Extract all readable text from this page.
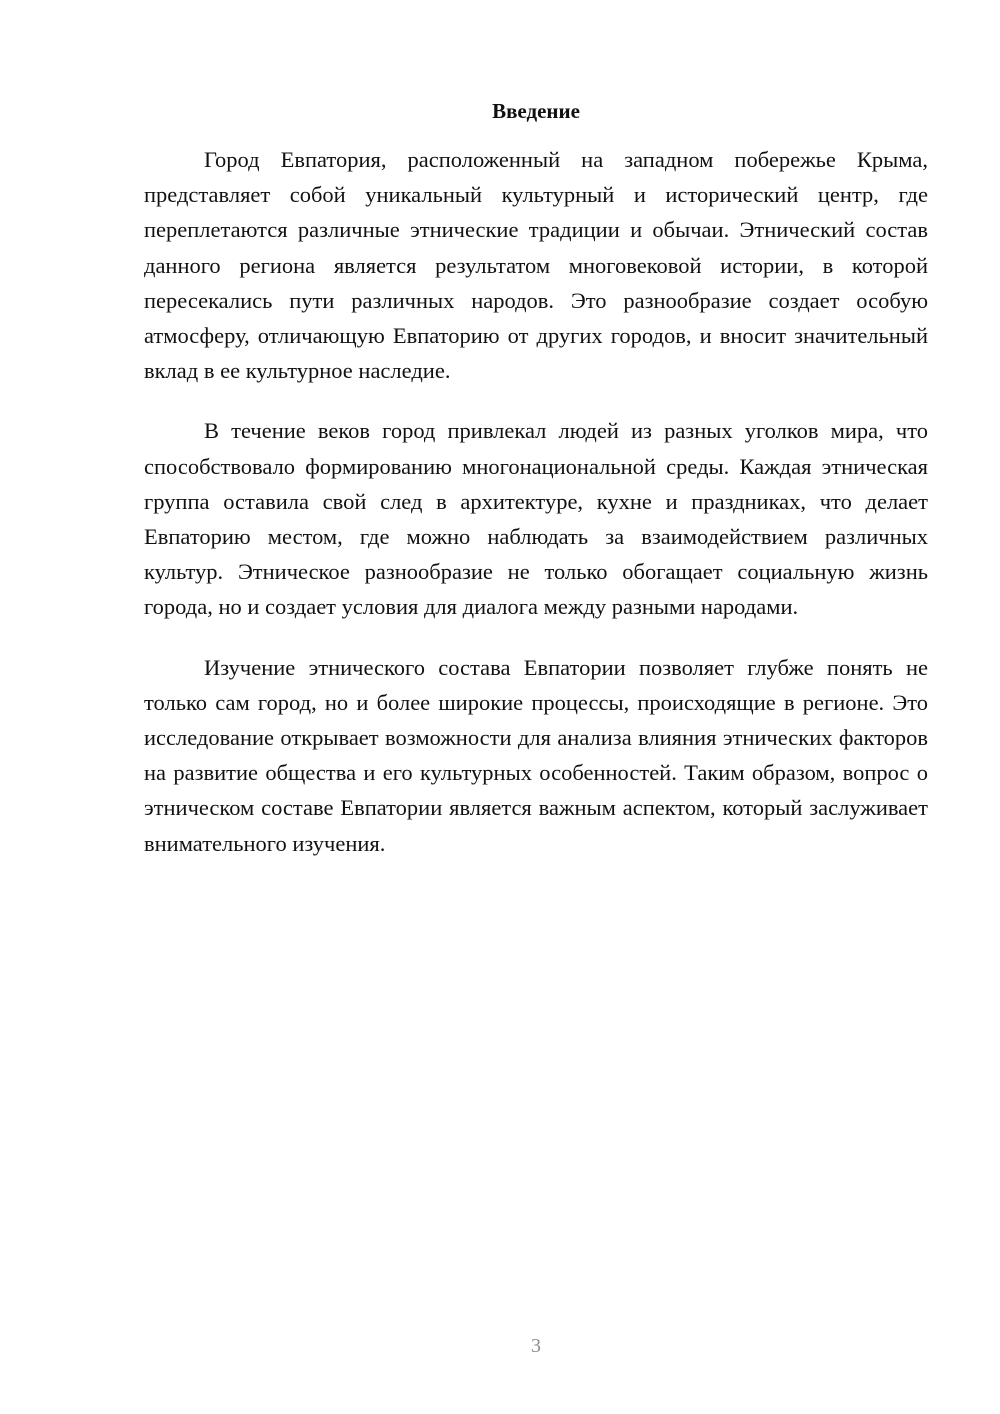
Введение

Город Евпатория, расположенный на западном побережье Крыма, представляет собой уникальный культурный и исторический центр, где переплетаются различные этнические традиции и обычаи. Этнический состав данного региона является результатом многовековой истории, в которой пересекались пути различных народов. Это разнообразие создает особую атмосферу, отличающую Евпаторию от других городов, и вносит значительный вклад в ее культурное наследие.

В течение веков город привлекал людей из разных уголков мира, что способствовало формированию многонациональной среды. Каждая этническая группа оставила свой след в архитектуре, кухне и праздниках, что делает Евпаторию местом, где можно наблюдать за взаимодействием различных культур. Этническое разнообразие не только обогащает социальную жизнь города, но и создает условия для диалога между разными народами.

Изучение этнического состава Евпатории позволяет глубже понять не только сам город, но и более широкие процессы, происходящие в регионе. Это исследование открывает возможности для анализа влияния этнических факторов на развитие общества и его культурных особенностей. Таким образом, вопрос о этническом составе Евпатории является важным аспектом, который заслуживает внимательного изучения.

3
